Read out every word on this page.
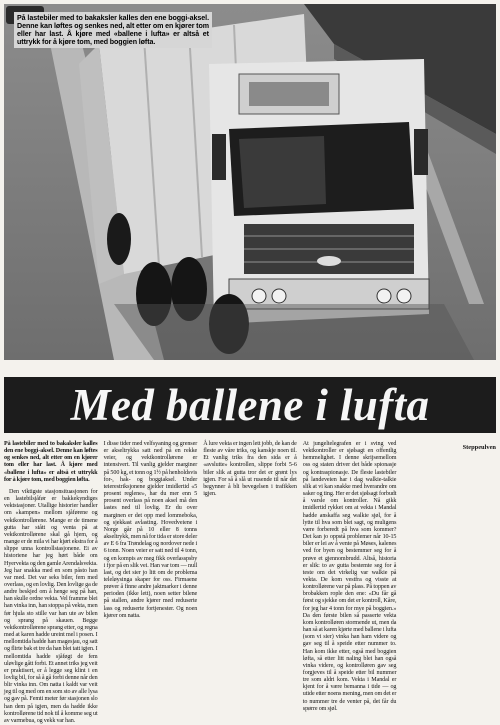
På lastebiler med to bakaksler kalles den ene boggi-aksel. Denne kan løftes og senkes ned, alt etter om en kjører tom eller har last. Å kjøre med «ballene i lufta» er altså et uttrykk for å kjøre tom, med boggien løfta.
Med ballene i lufta

På lastebiler med to bakaksler kalles den ene boggi-aksel. Denne kan løftes og senkes ned, alt etter om en kjører tom eller har last. Å kjøre med «ballene i lufta» er altså et uttrykk for å kjøre tom, med boggien løfta.

Den viktigste stasjonsituasjonen for en lastebilsjåfør er bakkekyndiges vektstasjoner. Utallige historier handler om «kampen» mellom sjåførene og vektkontrollørene. Mange er de timene gutta har stått og venta på at vektkontrollørene skal gå hjem, og mange er de mila vi har kjørt ekstra for å slippe unna kontrollstasjonene. Ei av historiene har jeg hørt både om Hyervekta og den gamle Arendalsvekta. Jeg har snakka med en som påsto han var med. Det var seks biler, fem med overlass, og en lovlig. Den lovlige ga de andre beskjed om å henge seg på han, han skulle ordne vekta. Vel framme blei han vinka inn, han stoppa på vekta, men før hjula sto stille var han ute av bilen og sprang på skauen. Begge vektkontrollørene sprang etter, og regna med at karen hadde ureint mel i posen. I mellomtida hadde han magesjau, og satt og flirte bak et tre da han blei tatt igjen. I mellomtida hadde sjåføgt de fem uløvlige gått forbi. Et annet triks jeg veit er praktisert, er å legge seg klint i en lovlig bil, for så å gå forbi denne når den blir vinka inn. Om natta i kaldt var veit jeg til og med om en som sto av alle lysa og gav på. Femti meter før stasjonen slo han dem på igjen, men da hadde ikke kontrollørene tid nok til å komme seg ut av varmebua, og vekk var han.

I disse tider med velfsyaning og grenser er akseltrykka satt ned på en rekke veier, og vektkontrollørene er intensivert. Til vanlig gjelder marginer på 500 kg, et tonn og 1½ på henholdsvis for-, hak- og boggiaksel. Under teierestriksjonene gjelder imidlertid «5 prosent reglene», har du mer enn 5 prosent overlass på noen aksel må den lastes ned til lovlig. Er du over marginen er det opp med lommeboka, og sjekkast avlasting. Hovedveiene i Norge går på 10 eller 8 tonns akseltrykk, men nå for tida er store deler av E 6 fra Trøndelag og nordover nede i 6 tonn. Noen veier er satt ned til 4 tonn, og en kompis av meg fikk overlasspsby i fjor på en slik vei. Han var tom — null last, og det sier jo litt om de problema teleløysinga skaper for oss. Firmaene prøver å finne andre jaktmarker i denne perioden (ikke lett), noen setter bilene på stallen, andre kjører med reduserte lass og reduserte fortjenester. Og noen kjører om natta.

Å lure vekta er ingen lett jobb, de kan de fleste av våre triks, og kanskje noen til. Et vanlig triks fra den sida er å «avslutte» kontrollen, slippe forbi 5-6 biler slik at gutta tror det er grønt lys igjen. For så å slå ut rusende til når det begynner å bli bevegelsen i trafikken igjen.

At jungeltelegrafen er i sving ved vektkontroller er sjølsagt en offentlig hemmelighet. I denne skrijsemellom oss og staten driver det både spionasje og kontraspionasje. De fleste lastebiler på landeveien har i dag walkie-talkie slik at vi kan snakke med hverandre om saker og ting. Her er det sjølsagt forbudt å varsle om kontroller. Nå gikk imidlertid rykket om at vekta i Mandal hadde anskaffa seg walkie sjøl, for å lytte til hva som blei sagt, og muligens være forberedt på hva som kommer? Det kan jo oppstå problemer når 10-15 biler er lei av å vente på Møses, kalenes ved for byen og bestemmer seg for å prøve et gjennombrudd. Altså, historia er slik: to av gutta bestemte seg for å teste om det virkelig var walkie på vekta. De kom vestfra og visste at kontrollørene var på plass. På toppen av brobakken rople den ene: «Du får gå først og sjekke om det er kontroll, Kåre, for jeg har 4 tonn for mye på boggien.» Da den første bilen så passerte vekta kom kontrolløren stormende ut, men da han så at karen kjørte med ballene i lufta (som vi sier) vinka han ham videre og gav seg til å speide etter nummer to. Han kom ikke etter, også med boggien løfta, så etter litt naling blei han også vinka videre, og kontrolløren gav seg forgjeves til å speide etter bil nummer tre som aldri kom. Vekta i Mandal er kjent for å være bemanna i tide — og utide etter noens mening, men om det er to nummer tre de venter på, det får du spørre om sjøl.

Steppeulven
